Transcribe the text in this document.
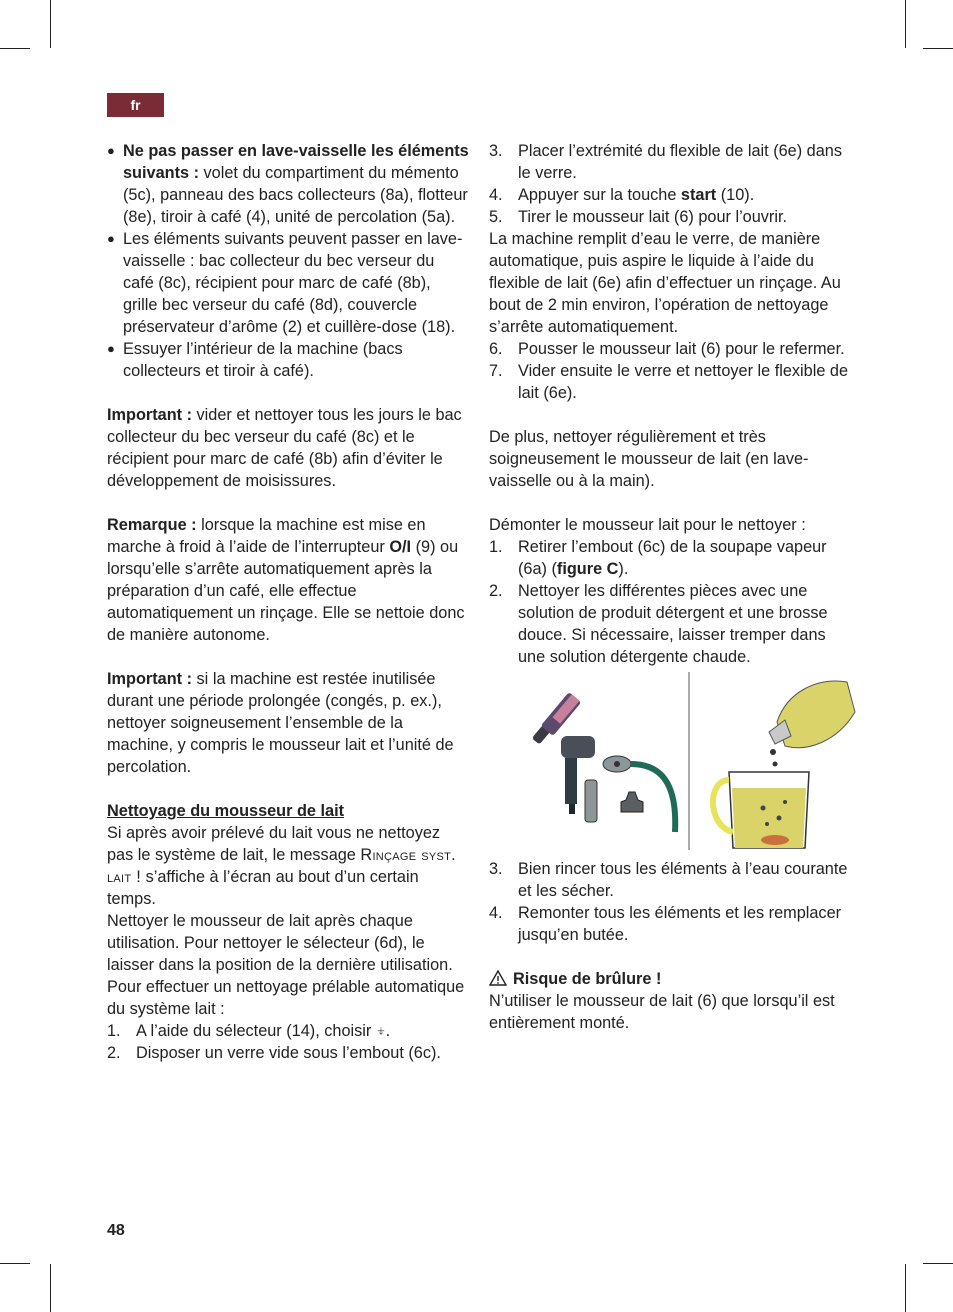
fr

● Ne pas passer en lave-vaisselle les éléments suivants : volet du compartiment du mémento (5c), panneau des bacs collecteurs (8a), flotteur (8e), tiroir à café (4), unité de percolation (5a).

● Les éléments suivants peuvent passer en lave-vaisselle : bac collecteur du bec verseur du café (8c), récipient pour marc de café (8b), grille bec verseur du café (8d), couvercle préservateur d’arôme (2) et cuillère-dose (18).

● Essuyer l’intérieur de la machine (bacs collecteurs et tiroir à café).

Important : vider et nettoyer tous les jours le bac collecteur du bec verseur du café (8c) et le récipient pour marc de café (8b) afin d’éviter le développement de moisissures.

Remarque : lorsque la machine est mise en marche à froid à l’aide de l’interrupteur O/I (9) ou lorsqu’elle s’arrête automatiquement après la préparation d’un café, elle effectue automatiquement un rinçage. Elle se nettoie donc de manière autonome.

Important : si la machine est restée inutilisée durant une période prolongée (congés, p. ex.), nettoyer soigneusement l’ensemble de la machine, y compris le mousseur lait et l’unité de percolation.

Nettoyage du mousseur de lait

Si après avoir prélevé du lait vous ne nettoyez pas le système de lait, le message Rinçage syst. lait ! s’affiche à l’écran au bout d’un certain temps.

Nettoyer le mousseur de lait après chaque utilisation. Pour nettoyer le sélecteur (6d), le laisser dans la position de la dernière utilisation.

Pour effectuer un nettoyage prélable automatique du système lait :

1. A l’aide du sélecteur (14), choisir ⍖.

2. Disposer un verre vide sous l’embout (6c).

3. Placer l’extrémité du flexible de lait (6e) dans le verre.

4. Appuyer sur la touche start (10).

5. Tirer le mousseur lait (6) pour l’ouvrir.

La machine remplit d’eau le verre, de manière automatique, puis aspire le liquide à l’aide du flexible de lait (6e) afin d’effectuer un rinçage. Au bout de 2 min environ, l’opération de nettoyage s’arrête automatiquement.

6. Pousser le mousseur lait (6) pour le refermer.

7. Vider ensuite le verre et nettoyer le flexible de lait (6e).

De plus, nettoyer régulièrement et très soigneusement le mousseur de lait (en lave-vaisselle ou à la main).

Démonter le mousseur lait pour le nettoyer :

1. Retirer l’embout (6c) de la soupape vapeur (6a) (figure C).

2. Nettoyer les différentes pièces avec une solution de produit détergent et une brosse douce. Si nécessaire, laisser tremper dans une solution détergente chaude.

3. Bien rincer tous les éléments à l’eau courante et les sécher.

4. Remonter tous les éléments et les remplacer jusqu’en butée.

Risque de brûlure !

N’utiliser le mousseur de lait (6) que lorsqu’il est entièrement monté.

48
